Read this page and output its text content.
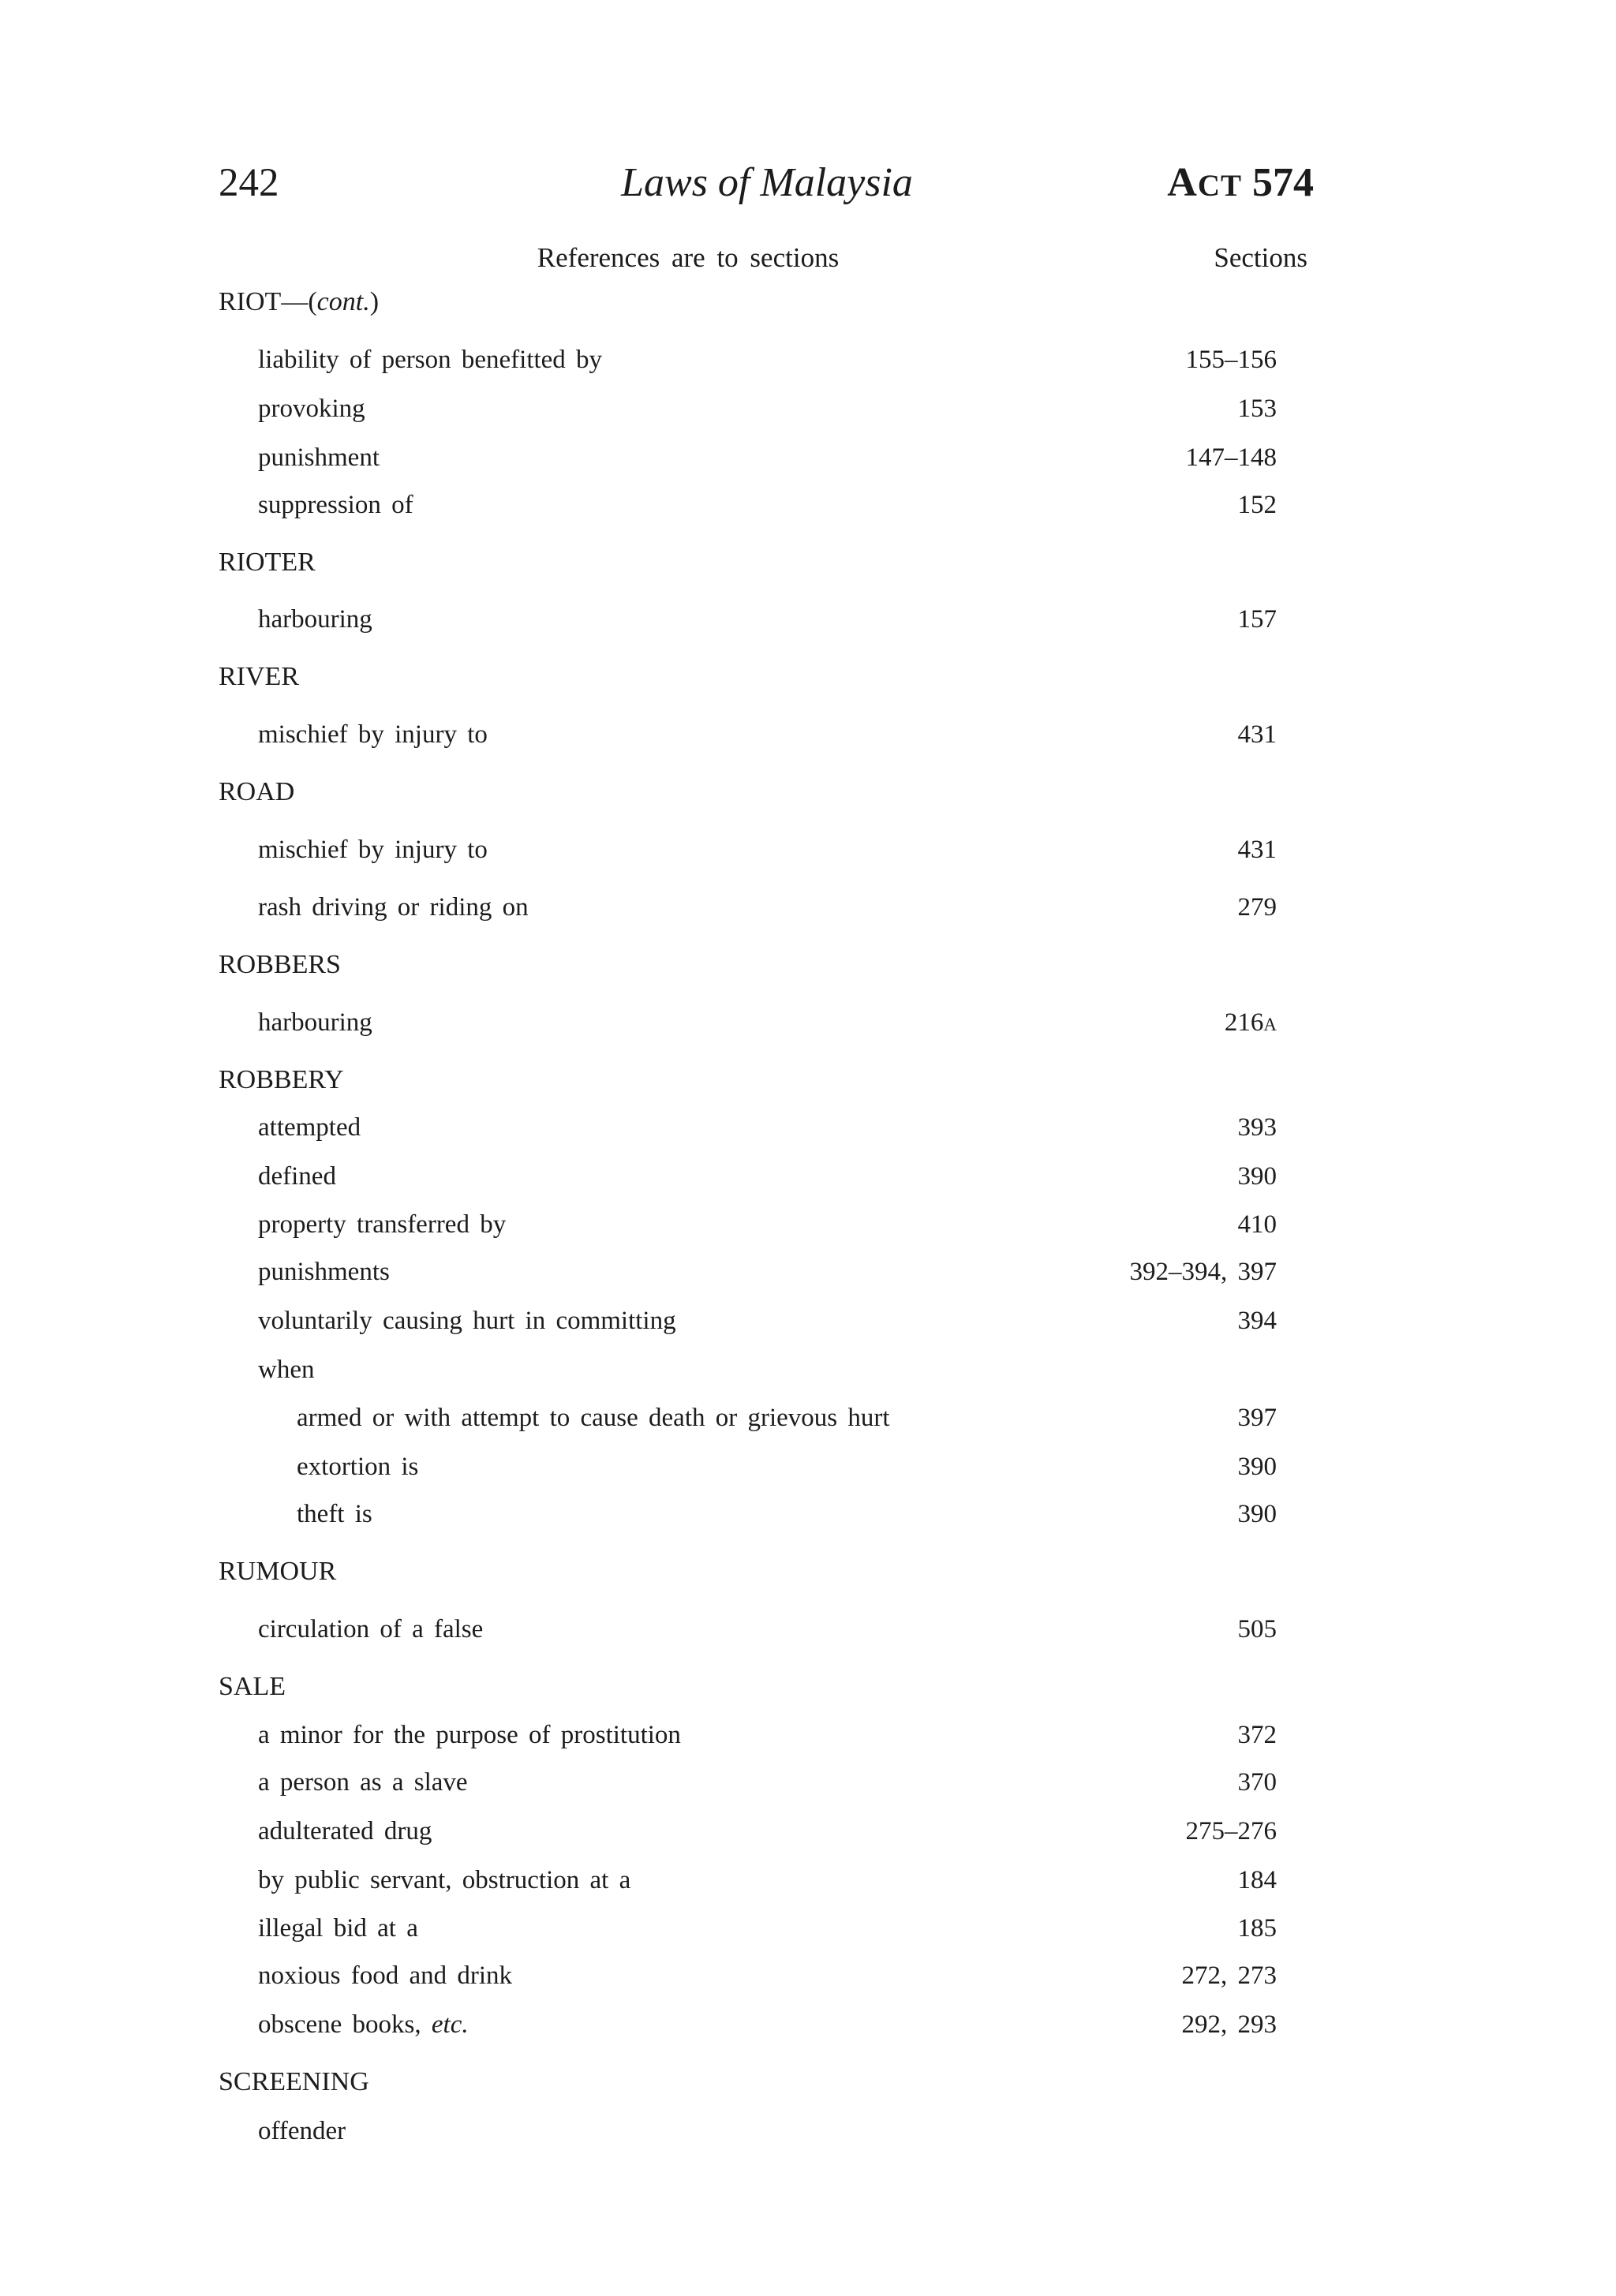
242	Laws of Malaysia	ACT 574
References are to sections	Sections
RIOT—(cont.)
liability of person benefitted by	155–156
provoking	153
punishment	147–148
suppression of	152
RIOTER
harbouring	157
RIVER
mischief by injury to	431
ROAD
mischief by injury to	431
rash driving or riding on	279
ROBBERS
harbouring	216A
ROBBERY
attempted	393
defined	390
property transferred by	410
punishments	392–394, 397
voluntarily causing hurt in committing	394
when
armed or with attempt to cause death or grievous hurt	397
extortion is	390
theft is	390
RUMOUR
circulation of a false	505
SALE
a minor for the purpose of prostitution	372
a person as a slave	370
adulterated drug	275–276
by public servant, obstruction at a	184
illegal bid at a	185
noxious food and drink	272, 273
obscene books, etc.	292, 293
SCREENING
offender
